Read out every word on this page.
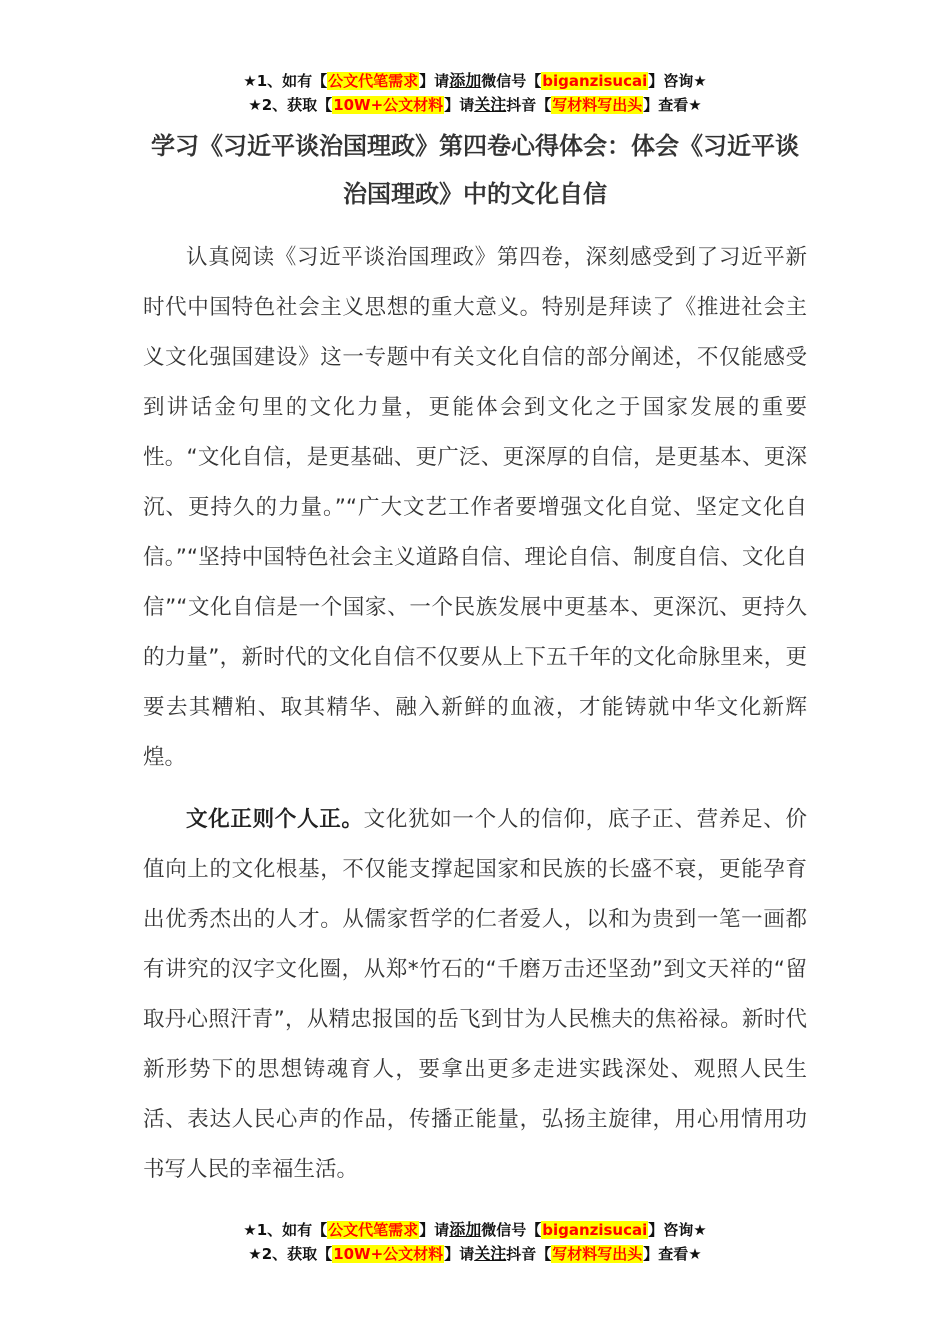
★1、如有【公文代笔需求】请添加微信号【biganzisucai】咨询★
★2、获取【10W+公文材料】请关注抖音【写材料写出头】查看★
学习《习近平谈治国理政》第四卷心得体会：体会《习近平谈治国理政》中的文化自信

认真阅读《习近平谈治国理政》第四卷，深刻感受到了习近平新时代中国特色社会主义思想的重大意义。特别是拜读了《推进社会主义文化强国建设》这一专题中有关文化自信的部分阐述，不仅能感受到讲话金句里的文化力量，更能体会到文化之于国家发展的重要性。“文化自信，是更基础、更广泛、更深厚的自信，是更基本、更深沉、更持久的力量。”“广大文艺工作者要增强文化自觉、坚定文化自信。”“坚持中国特色社会主义道路自信、理论自信、制度自信、文化自信”“文化自信是一个国家、一个民族发展中更基本、更深沉、更持久的力量”，新时代的文化自信不仅要从上下五千年的文化命脉里来，更要去其糟粕、取其精华、融入新鲜的血液，才能铸就中华文化新辉煌。

文化正则个人正。文化犹如一个人的信仰，底子正、营养足、价值向上的文化根基，不仅能支撑起国家和民族的长盛不衰，更能孕育出优秀杰出的人才。从儒家哲学的仁者爱人，以和为贵到一笔一画都有讲究的汉字文化圈，从郑*竹石的“千磨万击还坚劲”到文天祥的“留取丹心照汗青”，从精忠报国的岳飞到甘为人民樵夫的焦裕禄。新时代新形势下的思想铸魂育人，要拿出更多走进实践深处、观照人民生活、表达人民心声的作品，传播正能量，弘扬主旋律，用心用情用功书写人民的幸福生活。

★1、如有【公文代笔需求】请添加微信号【biganzisucai】咨询★
★2、获取【10W+公文材料】请关注抖音【写材料写出头】查看★
